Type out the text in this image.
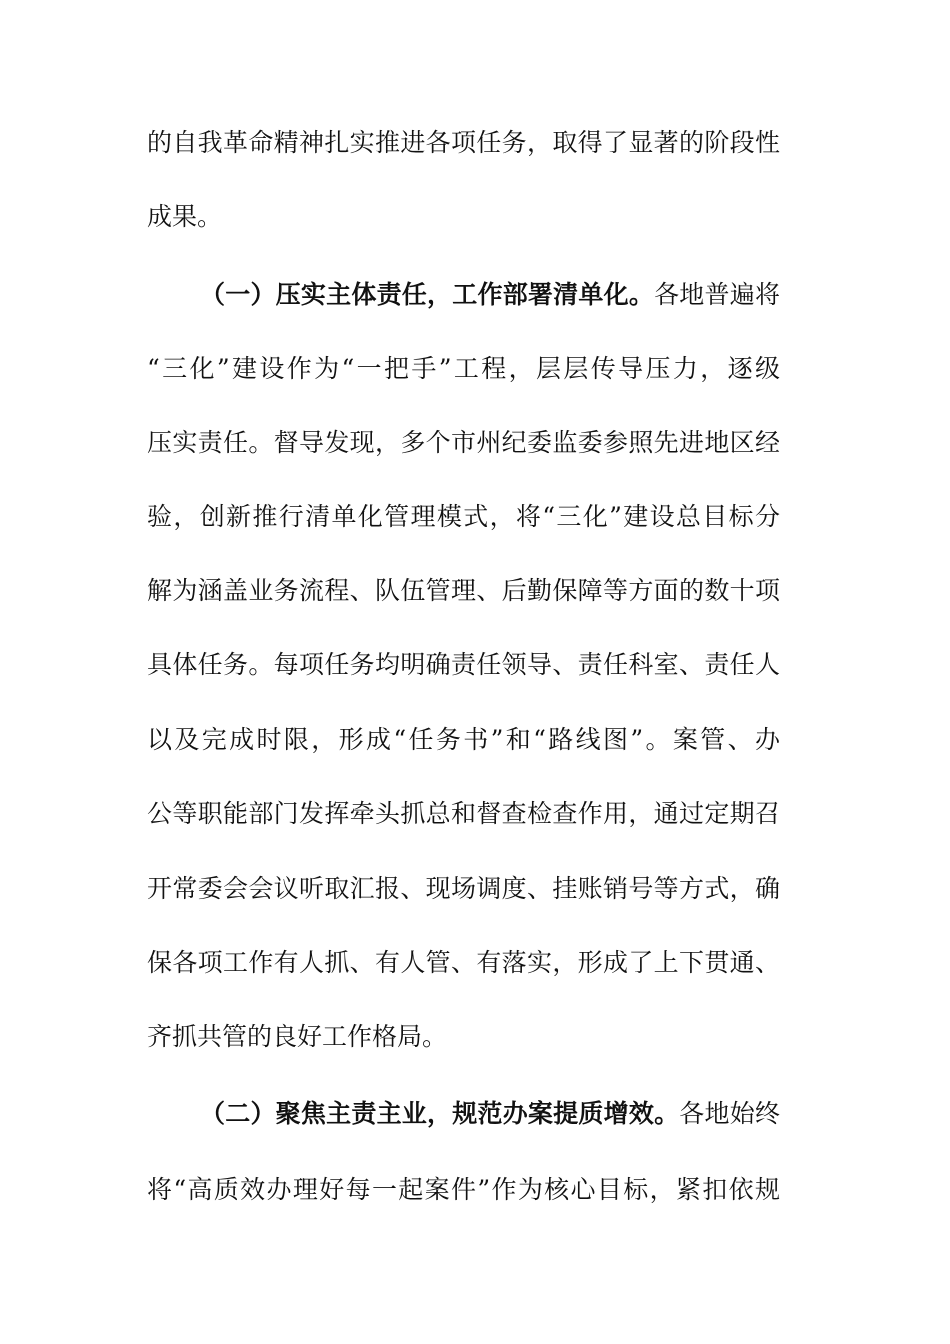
的自我革命精神扎实推进各项任务，取得了显著的阶段性
成果。
（一）压实主体责任，工作部署清单化。各地普遍将
“三化”建设作为“一把手”工程，层层传导压力，逐级
压实责任。督导发现，多个市州纪委监委参照先进地区经
验，创新推行清单化管理模式，将“三化”建设总目标分
解为涵盖业务流程、队伍管理、后勤保障等方面的数十项
具体任务。每项任务均明确责任领导、责任科室、责任人
以及完成时限，形成“任务书”和“路线图”。案管、办
公等职能部门发挥牵头抓总和督查检查作用，通过定期召
开常委会会议听取汇报、现场调度、挂账销号等方式，确
保各项工作有人抓、有人管、有落实，形成了上下贯通、
齐抓共管的良好工作格局。
（二）聚焦主责主业，规范办案提质增效。各地始终
将“高质效办理好每一起案件”作为核心目标，紧扣依规
